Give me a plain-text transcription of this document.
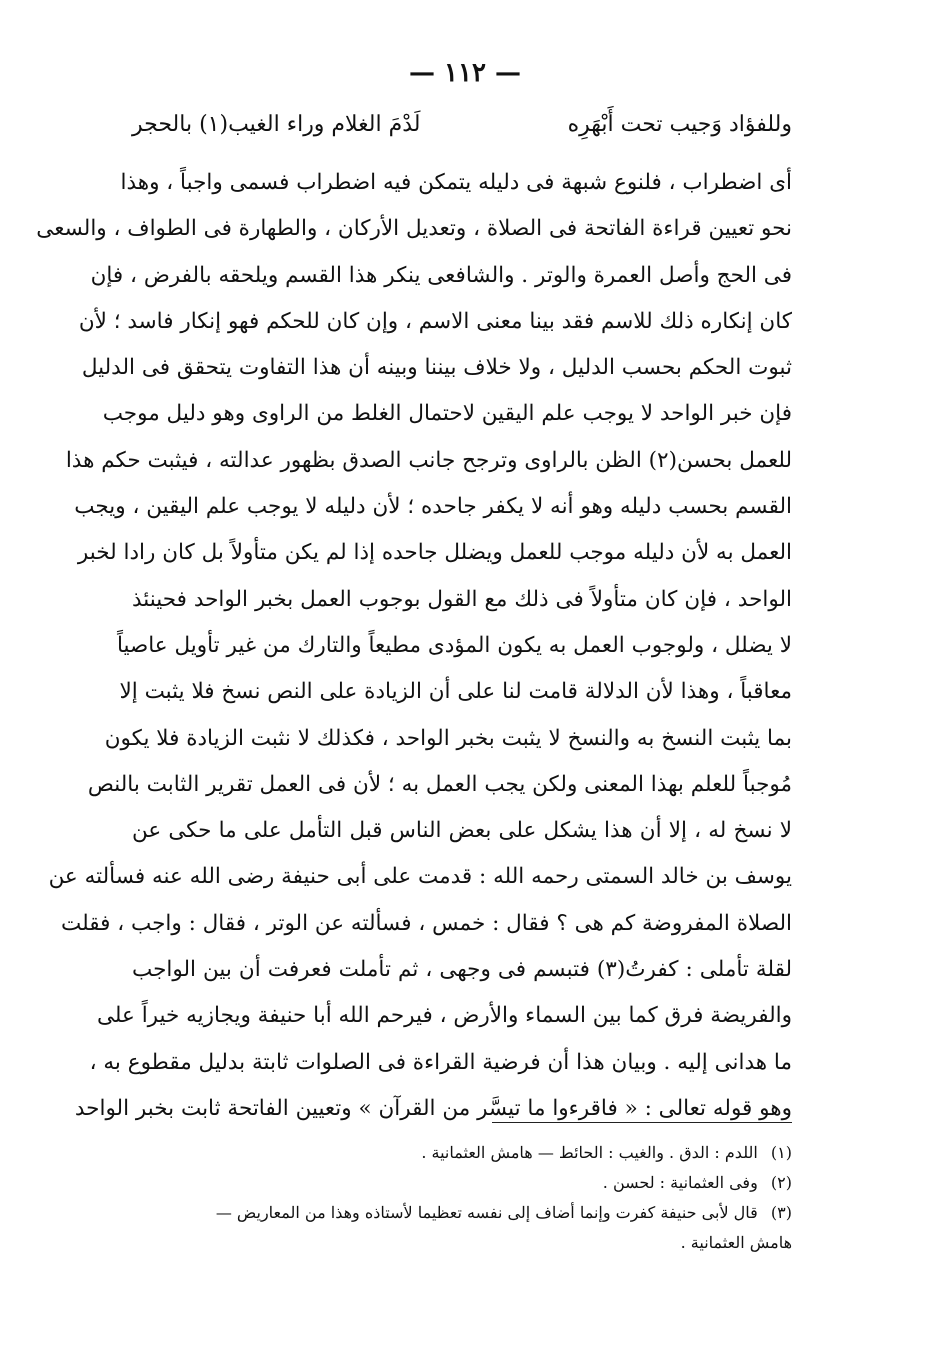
— ١١٢ —
وللفؤاد وَجيب تحت أَبْهَرِه
لَدْمَ الغلام وراء الغيب(١) بالحجر
أى اضطراب ، فلنوع شبهة فى دليله يتمكن فيه اضطراب فسمى واجباً ، وهذا
نحو تعيين قراءة الفاتحة فى الصلاة ، وتعديل الأركان ، والطهارة فى الطواف ، والسعى
فى الحج وأصل العمرة والوتر . والشافعى ينكر هذا القسم ويلحقه بالفرض ، فإن
كان إنكاره ذلك للاسم فقد بينا معنى الاسم ، وإن كان للحكم فهو إنكار فاسد ؛ لأن
ثبوت الحكم بحسب الدليل ، ولا خلاف بيننا وبينه أن هذا التفاوت يتحقق فى الدليل
فإن خبر الواحد لا يوجب علم اليقين لاحتمال الغلط من الراوى وهو دليل موجب
للعمل بحسن(٢) الظن بالراوى وترجح جانب الصدق بظهور عدالته ، فيثبت حكم هذا
القسم بحسب دليله وهو أنه لا يكفر جاحده ؛ لأن دليله لا يوجب علم اليقين ، ويجب
العمل به لأن دليله موجب للعمل ويضلل جاحده إذا لم يكن متأولاً بل كان رادا لخبر
الواحد ، فإن كان متأولاً فى ذلك مع القول بوجوب العمل بخبر الواحد فحينئذ
لا يضلل ، ولوجوب العمل به يكون المؤدى مطيعاً والتارك من غير تأويل عاصياً
معاقباً ، وهذا لأن الدلالة قامت لنا على أن الزيادة على النص نسخ فلا يثبت إلا
بما يثبت النسخ به والنسخ لا يثبت بخبر الواحد ، فكذلك لا نثبت الزيادة فلا يكون
مُوجباً للعلم بهذا المعنى ولكن يجب العمل به ؛ لأن فى العمل تقرير الثابت بالنص
لا نسخ له ، إلا أن هذا يشكل على بعض الناس قبل التأمل على ما حكى عن
يوسف بن خالد السمتى رحمه الله : قدمت على أبى حنيفة رضى الله عنه فسألته عن
الصلاة المفروضة كم هى ؟ فقال : خمس ، فسألته عن الوتر ، فقال : واجب ، فقلت
لقلة تأملى : كفرتُ(٣) فتبسم فى وجهى ، ثم تأملت فعرفت أن بين الواجب
والفريضة فرق كما بين السماء والأرض ، فيرحم الله أبا حنيفة ويجازيه خيراً على
ما هدانى إليه . وبيان هذا أن فرضية القراءة فى الصلوات ثابتة بدليل مقطوع به ،
وهو قوله تعالى : « فاقرءوا ما تيسَّر من القرآن » وتعيين الفاتحة ثابت بخبر الواحد
(١) اللدم : الدق . والغيب : الحائط — هامش العثمانية .
(٢) وفى العثمانية : لحسن .
(٣) قال لأبى حنيفة كفرت وإنما أضاف إلى نفسه تعظيما لأستاذه وهذا من المعاريض —
هامش العثمانية .
